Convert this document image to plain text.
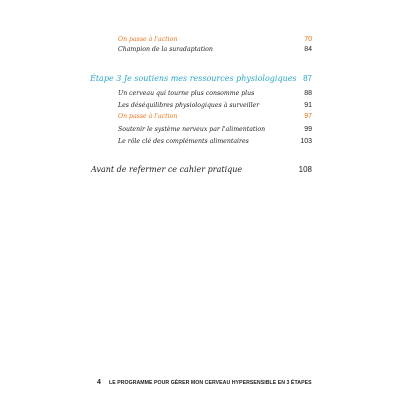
On passe à l'action	70
Champion de la suradaptation	84
Étape 3 Je soutiens mes ressources physiologiques 87
Un cerveau qui tourne plus consomme plus	88
Les déséquilibres physiologiques à surveiller	91
On passe à l'action	97
Soutenir le système nerveux par l'alimentation	99
Le rôle clé des compléments alimentaires	103
Avant de refermer ce cahier pratique	108
4 LE PROGRAMME POUR GÉRER MON CERVEAU HYPERSENSIBLE EN 3 ÉTAPES
